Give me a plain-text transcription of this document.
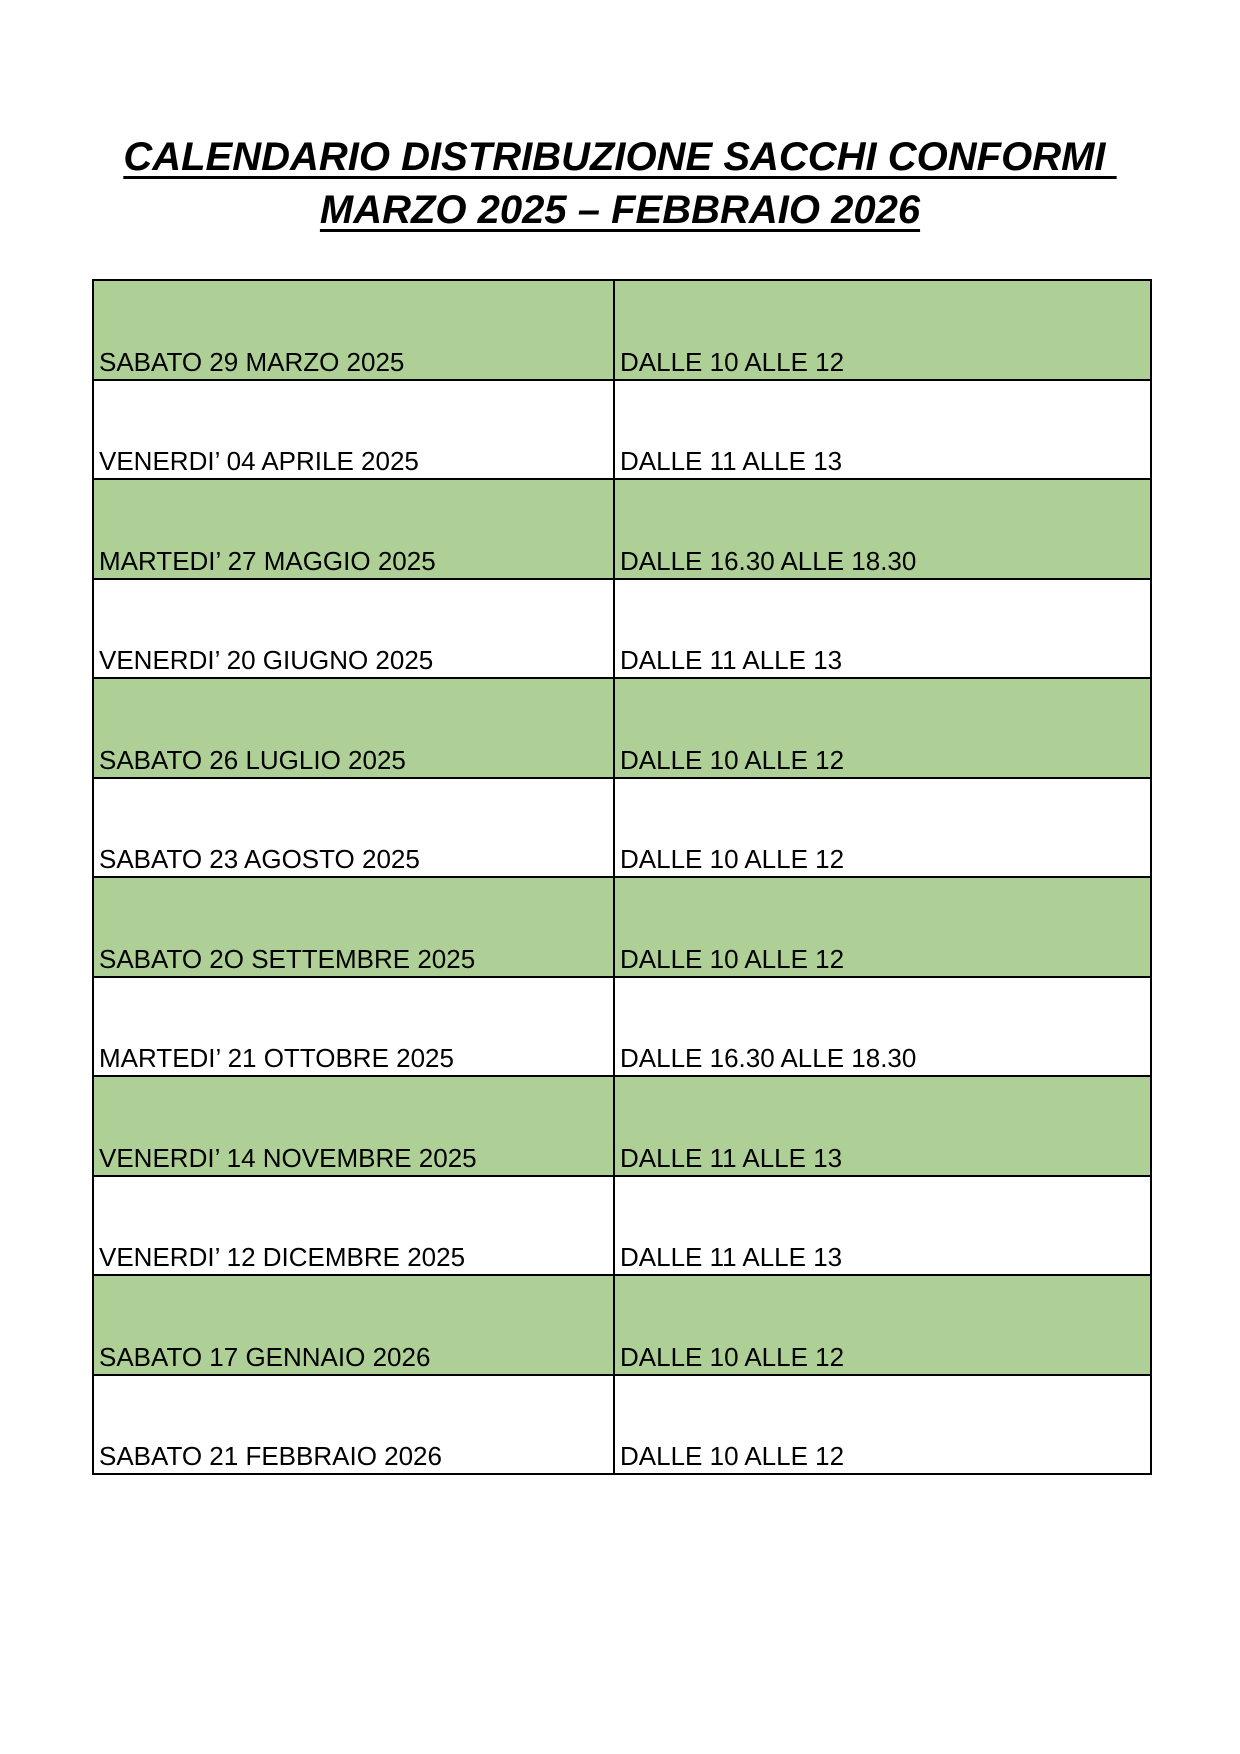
CALENDARIO DISTRIBUZIONE SACCHI CONFORMI
MARZO 2025 – FEBBRAIO 2026
SABATO 29 MARZO 2025	DALLE 10 ALLE 12

VENERDI’ 04 APRILE 2025	DALLE 11 ALLE 13

MARTEDI’ 27 MAGGIO 2025	DALLE 16.30 ALLE 18.30

VENERDI’ 20 GIUGNO 2025	DALLE 11 ALLE 13

SABATO 26 LUGLIO 2025	DALLE 10 ALLE 12

SABATO 23 AGOSTO 2025	DALLE 10 ALLE 12

SABATO 2O SETTEMBRE 2025	DALLE 10 ALLE 12

MARTEDI’ 21 OTTOBRE 2025	DALLE 16.30 ALLE 18.30

VENERDI’ 14 NOVEMBRE 2025	DALLE 11 ALLE 13

VENERDI’ 12 DICEMBRE 2025	DALLE 11 ALLE 13

SABATO 17 GENNAIO 2026	DALLE 10 ALLE 12

SABATO 21 FEBBRAIO 2026	DALLE 10 ALLE 12
